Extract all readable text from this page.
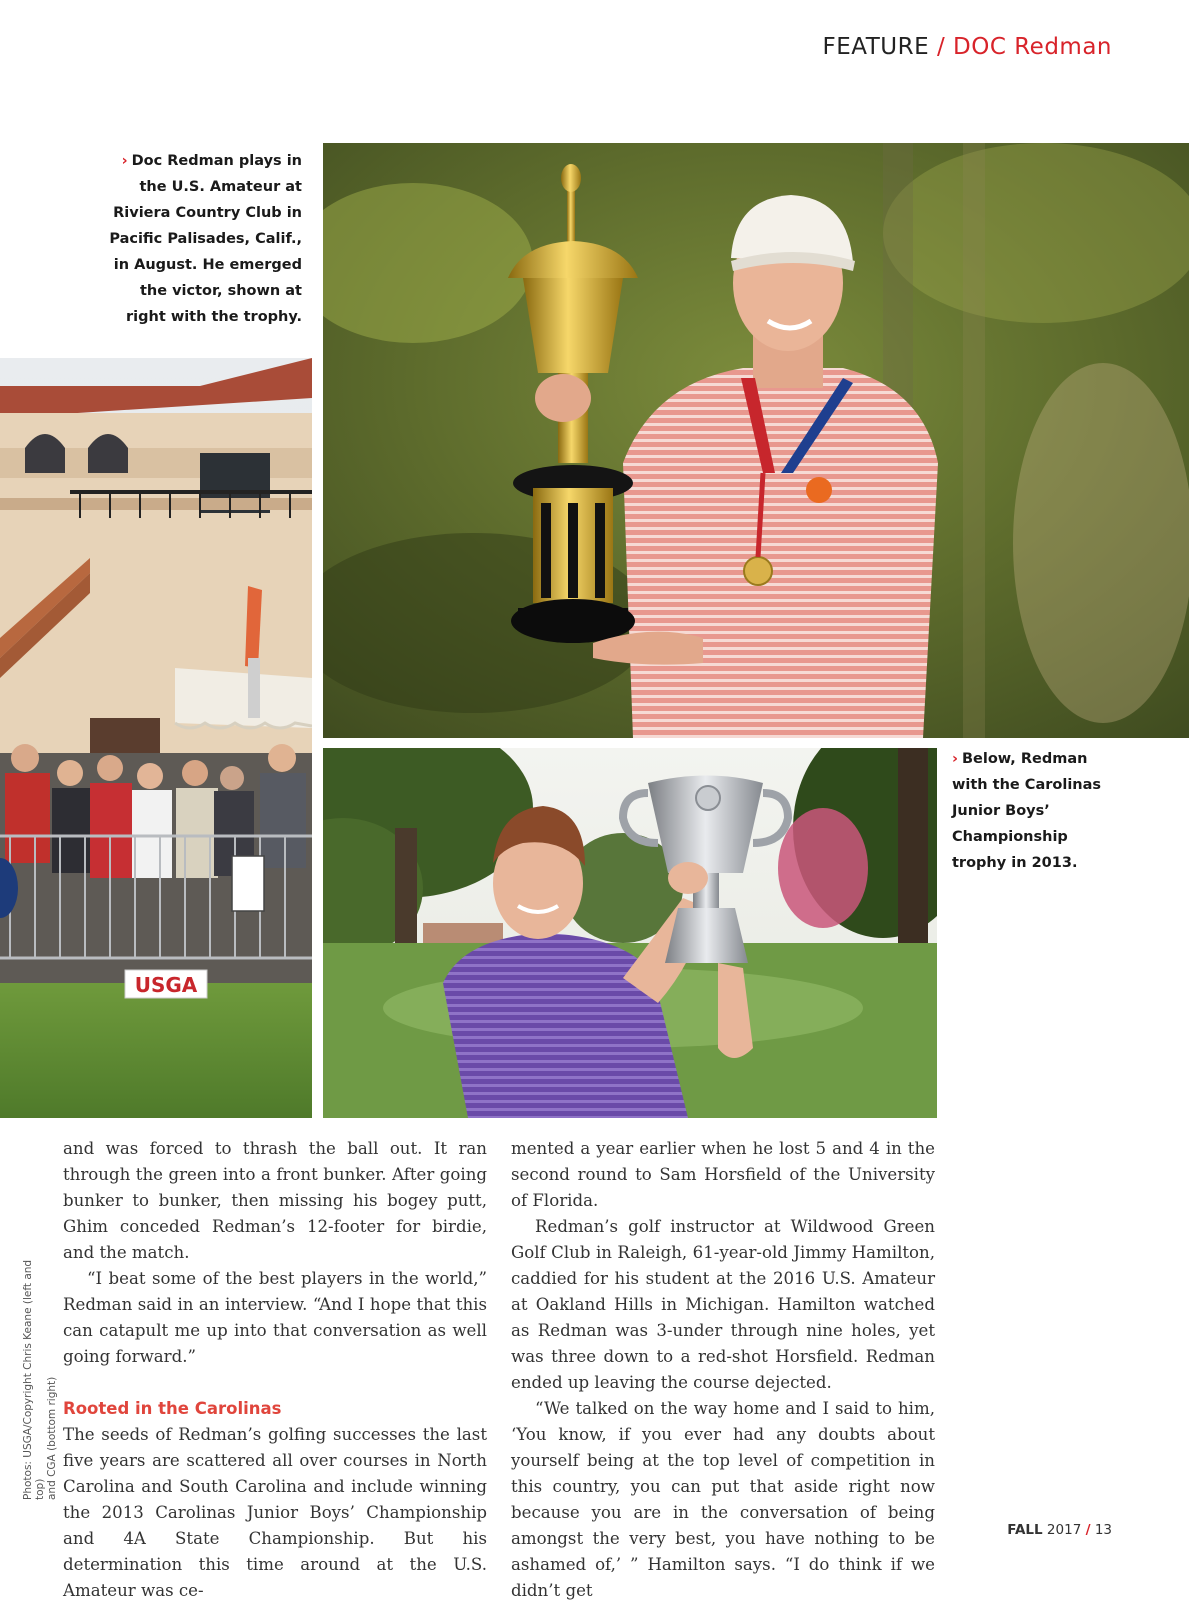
FEATURE / DOC Redman
› Doc Redman plays in the U.S. Amateur at Riviera Country Club in Pacific Palisades, Calif., in August. He emerged the victor, shown at right with the trophy.
› Below, Redman with the Carolinas Junior Boys’ Championship trophy in 2013.
USGA

and was forced to thrash the ball out. It ran through the green into a front bunker. After going bunker to bunker, then missing his bogey putt, Ghim conceded Redman’s 12-footer for birdie, and the match.

“I beat some of the best players in the world,” Redman said in an interview. “And I hope that this can catapult me up into that conversation as well going forward.”

Rooted in the Carolinas

The seeds of Redman’s golfing successes the last five years are scattered all over courses in North Carolina and South Carolina and include winning the 2013 Carolinas Junior Boys’ Championship and 4A State Championship. But his determination this time around at the U.S. Amateur was ce-

mented a year earlier when he lost 5 and 4 in the second round to Sam Horsfield of the University of Florida.

Redman’s golf instructor at Wildwood Green Golf Club in Raleigh, 61-year-old Jimmy Hamilton, caddied for his student at the 2016 U.S. Amateur at Oakland Hills in Michigan. Hamilton watched as Redman was 3-under through nine holes, yet was three down to a red-shot Horsfield. Redman ended up leaving the course dejected.

“We talked on the way home and I said to him, ‘You know, if you ever had any doubts about yourself being at the top level of competition in this country, you can put that aside right now because you are in the conversation of being amongst the very best, you have nothing to be ashamed of,’ ” Hamilton says. “I do think if we didn’t get

Photos: USGA/Copyright Chris Keane (left and top) and CGA (bottom right)
FALL 2017 / 13
